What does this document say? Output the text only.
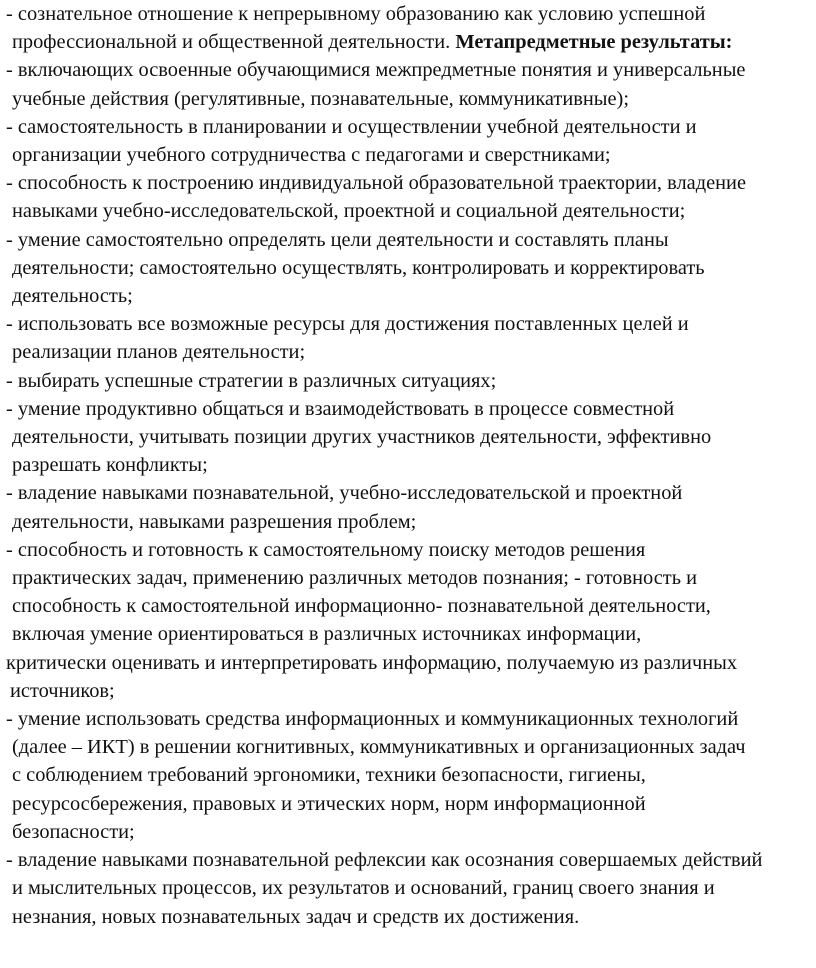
- сознательное отношение к непрерывному образованию как условию успешной
профессиональной и общественной деятельности. Метапредметные результаты:
- включающих освоенные обучающимися межпредметные понятия и универсальные
учебные действия (регулятивные, познавательные, коммуникативные);
- самостоятельность в планировании и осуществлении учебной деятельности и
организации учебного сотрудничества с педагогами и сверстниками;
- способность к построению индивидуальной образовательной траектории, владение
навыками учебно-исследовательской, проектной и социальной деятельности;
- умение самостоятельно определять цели деятельности и составлять планы
деятельности; самостоятельно осуществлять, контролировать и корректировать
деятельность;
- использовать все возможные ресурсы для достижения поставленных целей и
реализации планов деятельности;
- выбирать успешные стратегии в различных ситуациях;
- умение продуктивно общаться и взаимодействовать в процессе совместной
деятельности, учитывать позиции других участников деятельности, эффективно
разрешать конфликты;
- владение навыками познавательной, учебно-исследовательской и проектной
деятельности, навыками разрешения проблем;
- способность и готовность к самостоятельному поиску методов решения
практических задач, применению различных методов познания; - готовность и
способность к самостоятельной информационно- познавательной деятельности,
включая умение ориентироваться в различных источниках информации,
критически оценивать и интерпретировать информацию, получаемую из различных
источников;
- умение использовать средства информационных и коммуникационных технологий
(далее – ИКТ) в решении когнитивных, коммуникативных и организационных задач
с соблюдением требований эргономики, техники безопасности, гигиены,
ресурсосбережения, правовых и этических норм, норм информационной
безопасности;
- владение навыками познавательной рефлексии как осознания совершаемых действий
и мыслительных процессов, их результатов и оснований, границ своего знания и
незнания, новых познавательных задач и средств их достижения.
